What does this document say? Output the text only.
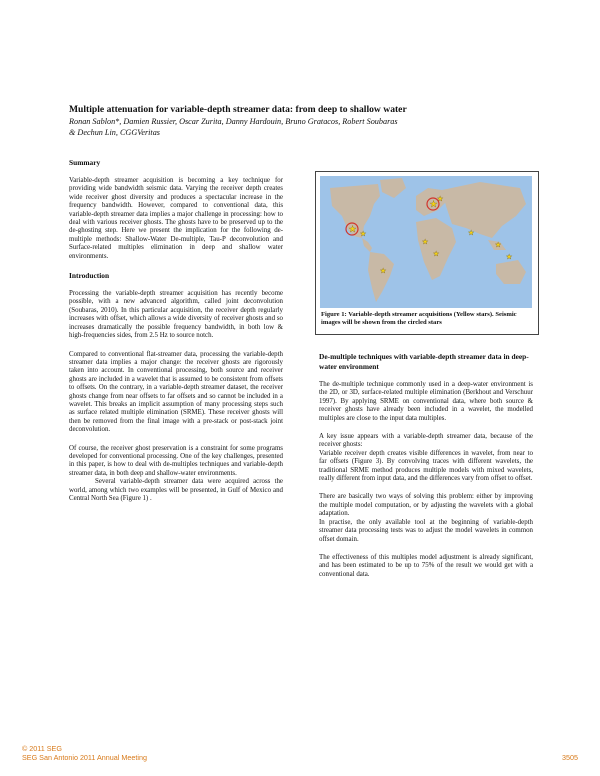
Multiple attenuation for variable-depth streamer data: from deep to shallow water
Ronan Sablon*, Damien Russier, Oscar Zurita, Danny Hardouin, Bruno Gratacos, Robert Soubaras
& Dechun Lin, CGGVeritas
Summary

Variable-depth streamer acquisition is becoming a key technique for providing wide bandwidth seismic data. Varying the receiver depth creates wide receiver ghost diversity and produces a spectacular increase in the frequency bandwidth. However, compared to conventional data, this variable-depth streamer data implies a major challenge in processing: how to deal with various receiver ghosts. The ghosts have to be preserved up to the de-ghosting step. Here we present the implication for the following de-multiple methods: Shallow-Water De-multiple, Tau-P deconvolution and Surface-related multiples elimination in deep and shallow water environments.

Introduction

Processing the variable-depth streamer acquisition has recently become possible, with a new advanced algorithm, called joint deconvolution (Soubaras, 2010). In this particular acquisition, the receiver depth regularly increases with offset, which allows a wide diversity of receiver ghosts and so increases dramatically the possible frequency bandwidth, in both low & high-frequencies sides, from 2.5 Hz to source notch.

Compared to conventional flat-streamer data, processing the variable-depth streamer data implies a major change: the receiver ghosts are rigorously taken into account. In conventional processing, both source and receiver ghosts are included in a wavelet that is assumed to be consistent from offsets to offsets. On the contrary, in a variable-depth streamer dataset, the receiver ghosts change from near offsets to far offsets and so cannot be included in a wavelet. This breaks an implicit assumption of many processing steps such as surface related multiple elimination (SRME). These receiver ghosts will then be removed from the final image with a pre-stack or post-stack joint deconvolution.

Of course, the receiver ghost preservation is a constraint for some programs developed for conventional processing. One of the key challenges, presented in this paper, is how to deal with de-multiples techniques and variable-depth streamer data, in both deep and shallow-water environments.

Several variable-depth streamer data were acquired across the world, among which two examples will be presented, in Gulf of Mexico and Central North Sea (Figure 1) .

★
★
★
★
★
★
★
★
★
★
Figure 1: Variable-depth streamer acquisitions (Yellow stars). Seismic images will be shown from the circled stars
De-multiple techniques with variable-depth streamer data in deep-water environment

The de-multiple technique commonly used in a deep-water environment is the 2D, or 3D, surface-related multiple elimination (Berkhout and Verschuur 1997). By applying SRME on conventional data, where both source & receiver ghosts have already been included in a wavelet, the modelled multiples are close to the input data multiples.

A key issue appears with a variable-depth streamer data, because of the receiver ghosts:

Variable receiver depth creates visible differences in wavelet, from near to far offsets (Figure 3). By convolving traces with different wavelets, the traditional SRME method produces multiple models with mixed wavelets, really different from input data, and the differences vary from offset to offset.

There are basically two ways of solving this problem: either by improving the multiple model computation, or by adjusting the wavelets with a global adaptation.

In practise, the only available tool at the beginning of variable-depth streamer data processing tests was to adjust the model wavelets in common offset domain.

The effectiveness of this multiples model adjustment is already significant, and has been estimated to be up to 75% of the result we would get with a conventional data.

© 2011 SEG
SEG San Antonio 2011 Annual Meeting	3505
